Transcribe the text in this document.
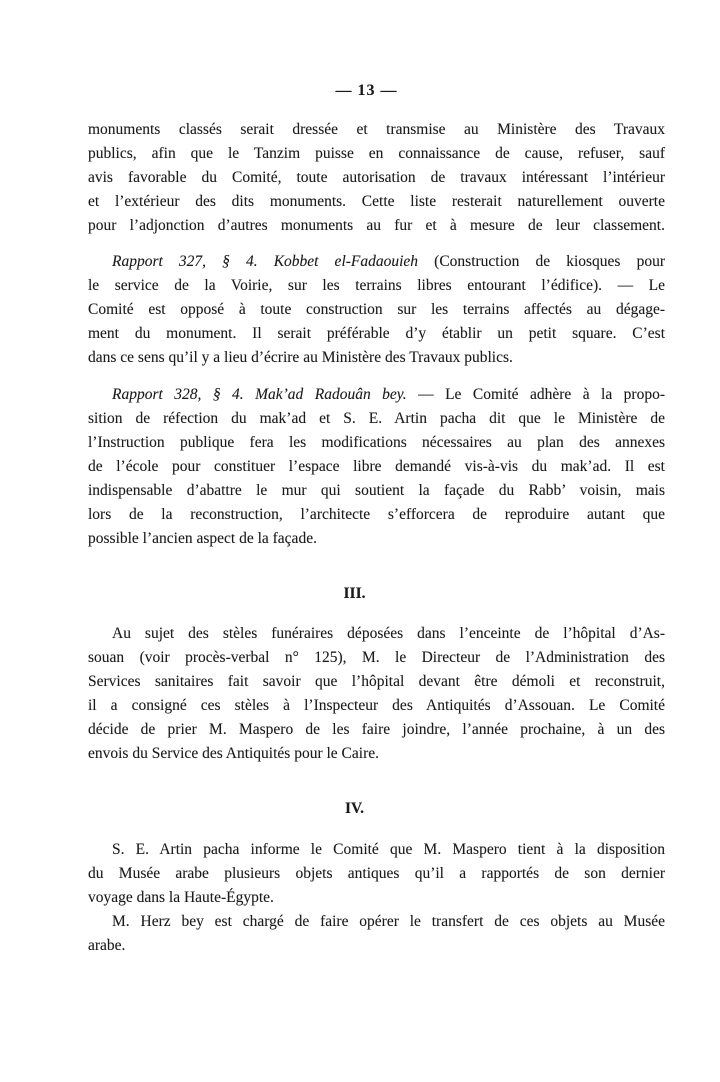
— 13 —
monuments classés serait dressée et transmise au Ministère des Travaux
publics, afin que le Tanzim puisse en connaissance de cause, refuser, sauf
avis favorable du Comité, toute autorisation de travaux intéressant l’intérieur
et l’extérieur des dits monuments. Cette liste resterait naturellement ouverte
pour l’adjonction d’autres monuments au fur et à mesure de leur classement.
Rapport 327, § 4. Kobbet el-Fadaouieh (Construction de kiosques pour
le service de la Voirie, sur les terrains libres entourant l’édifice). — Le
Comité est opposé à toute construction sur les terrains affectés au dégage-
ment du monument. Il serait préférable d’y établir un petit square. C’est
dans ce sens qu’il y a lieu d’écrire au Ministère des Travaux publics.
Rapport 328, § 4. Mak’ad Radouân bey. — Le Comité adhère à la propo-
sition de réfection du mak’ad et S. E. Artin pacha dit que le Ministère de
l’Instruction publique fera les modifications nécessaires au plan des annexes
de l’école pour constituer l’espace libre demandé vis-à-vis du mak’ad. Il est
indispensable d’abattre le mur qui soutient la façade du Rabb’ voisin, mais
lors de la reconstruction, l’architecte s’efforcera de reproduire autant que
possible l’ancien aspect de la façade.
III.
Au sujet des stèles funéraires déposées dans l’enceinte de l’hôpital d’As-
souan (voir procès-verbal n° 125), M. le Directeur de l’Administration des
Services sanitaires fait savoir que l’hôpital devant être démoli et reconstruit,
il a consigné ces stèles à l’Inspecteur des Antiquités d’Assouan. Le Comité
décide de prier M. Maspero de les faire joindre, l’année prochaine, à un des
envois du Service des Antiquités pour le Caire.
IV.
S. E. Artin pacha informe le Comité que M. Maspero tient à la disposition
du Musée arabe plusieurs objets antiques qu’il a rapportés de son dernier
voyage dans la Haute-Égypte.
M. Herz bey est chargé de faire opérer le transfert de ces objets au Musée
arabe.
